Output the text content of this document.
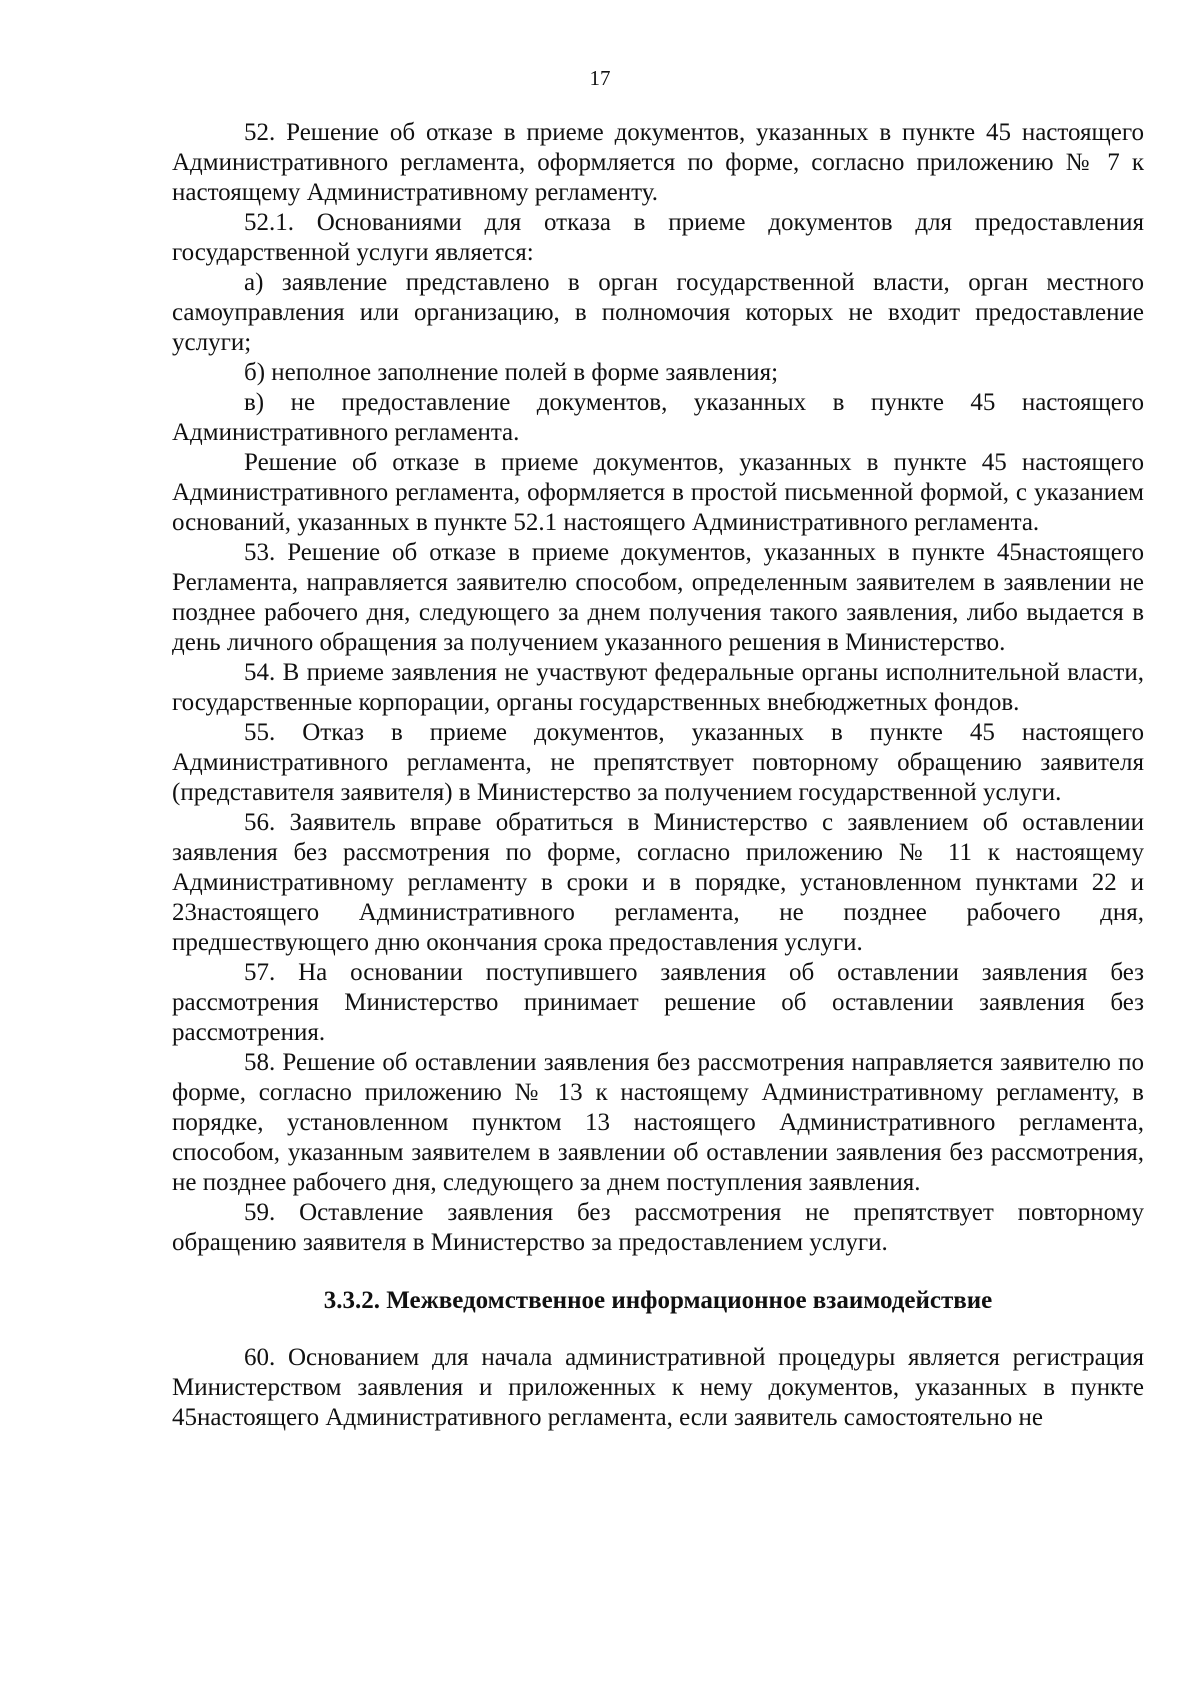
17

52. Решение об отказе в приеме документов, указанных в пункте 45 настоящего Административного регламента, оформляется по форме, согласно приложению № 7 к настоящему Административному регламенту.

52.1. Основаниями для отказа в приеме документов для предоставления государственной услуги является:

а) заявление представлено в орган государственной власти, орган местного самоуправления или организацию, в полномочия которых не входит предоставление услуги;

б) неполное заполнение полей в форме заявления;

в) не предоставление документов, указанных в пункте 45 настоящего Административного регламента.

Решение об отказе в приеме документов, указанных в пункте 45 настоящего Административного регламента, оформляется в простой письменной формой, с указанием оснований, указанных в пункте 52.1 настоящего Административного регламента.

53. Решение об отказе в приеме документов, указанных в пункте 45настоящего Регламента, направляется заявителю способом, определенным заявителем в заявлении не позднее рабочего дня, следующего за днем получения такого заявления, либо выдается в день личного обращения за получением указанного решения в Министерство.

54. В приеме заявления не участвуют федеральные органы исполнительной власти, государственные корпорации, органы государственных внебюджетных фондов.

55. Отказ в приеме документов, указанных в пункте 45 настоящего Административного регламента, не препятствует повторному обращению заявителя (представителя заявителя) в Министерство за получением государственной услуги.

56. Заявитель вправе обратиться в Министерство с заявлением об оставлении заявления без рассмотрения по форме, согласно приложению № 11 к настоящему Административному регламенту в сроки и в порядке, установленном пунктами 22 и 23настоящего Административного регламента, не позднее рабочего дня, предшествующего дню окончания срока предоставления услуги.

57. На основании поступившего заявления об оставлении заявления без рассмотрения Министерство принимает решение об оставлении заявления без рассмотрения.

58. Решение об оставлении заявления без рассмотрения направляется заявителю по форме, согласно приложению № 13 к настоящему Административному регламенту, в порядке, установленном пунктом 13 настоящего Административного регламента, способом, указанным заявителем в заявлении об оставлении заявления без рассмотрения, не позднее рабочего дня, следующего за днем поступления заявления.

59. Оставление заявления без рассмотрения не препятствует повторному обращению заявителя в Министерство за предоставлением услуги.

3.3.2. Межведомственное информационное взаимодействие

60. Основанием для начала административной процедуры является регистрация Министерством заявления и приложенных к нему документов, указанных в пункте 45настоящего Административного регламента, если заявитель самостоятельно не
